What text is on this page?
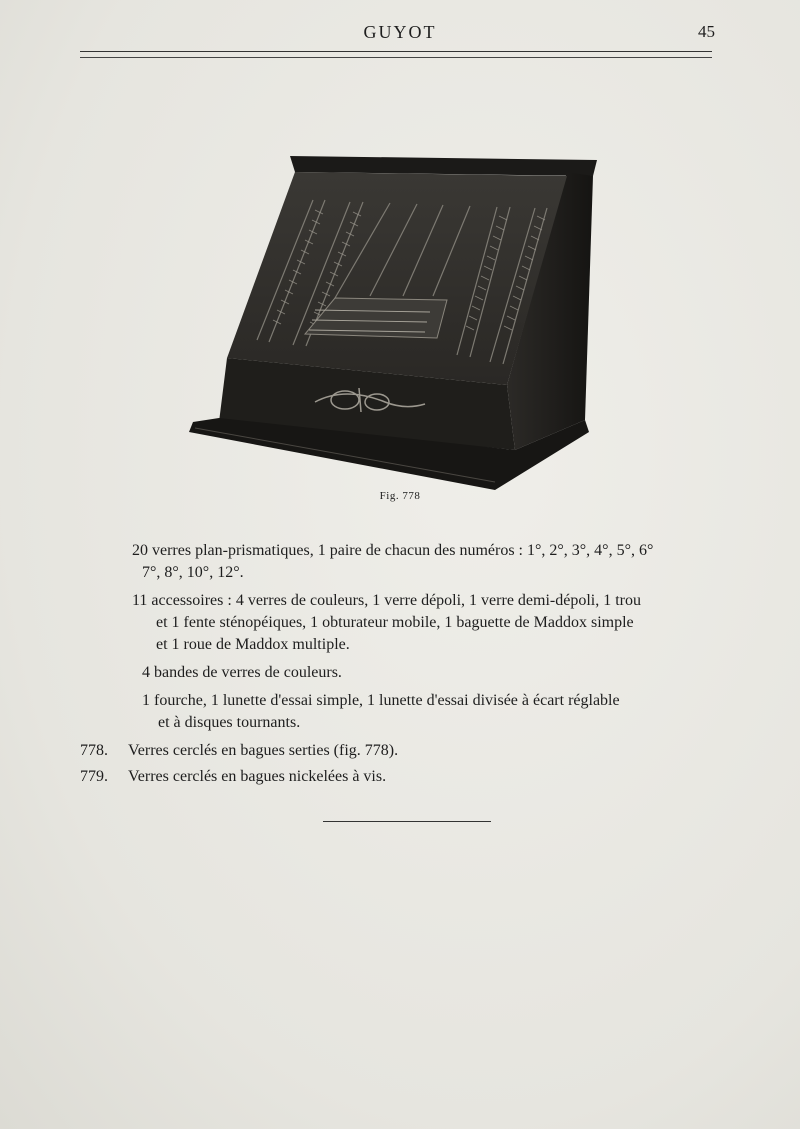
GUYOT	45
Fig. 778
20 verres plan-prismatiques, 1 paire de chacun des numéros : 1°, 2°, 3°, 4°, 5°, 6°
7°, 8°, 10°, 12°.
11 accessoires : 4 verres de couleurs, 1 verre dépoli, 1 verre demi-dépoli, 1 trou
et 1 fente sténopéiques, 1 obturateur mobile, 1 baguette de Maddox simple
et 1 roue de Maddox multiple.
4 bandes de verres de couleurs.
1 fourche, 1 lunette d'essai simple, 1 lunette d'essai divisée à écart réglable
et à disques tournants.
778.	Verres cerclés en bagues serties (fig. 778).
779.	Verres cerclés en bagues nickelées à vis.
